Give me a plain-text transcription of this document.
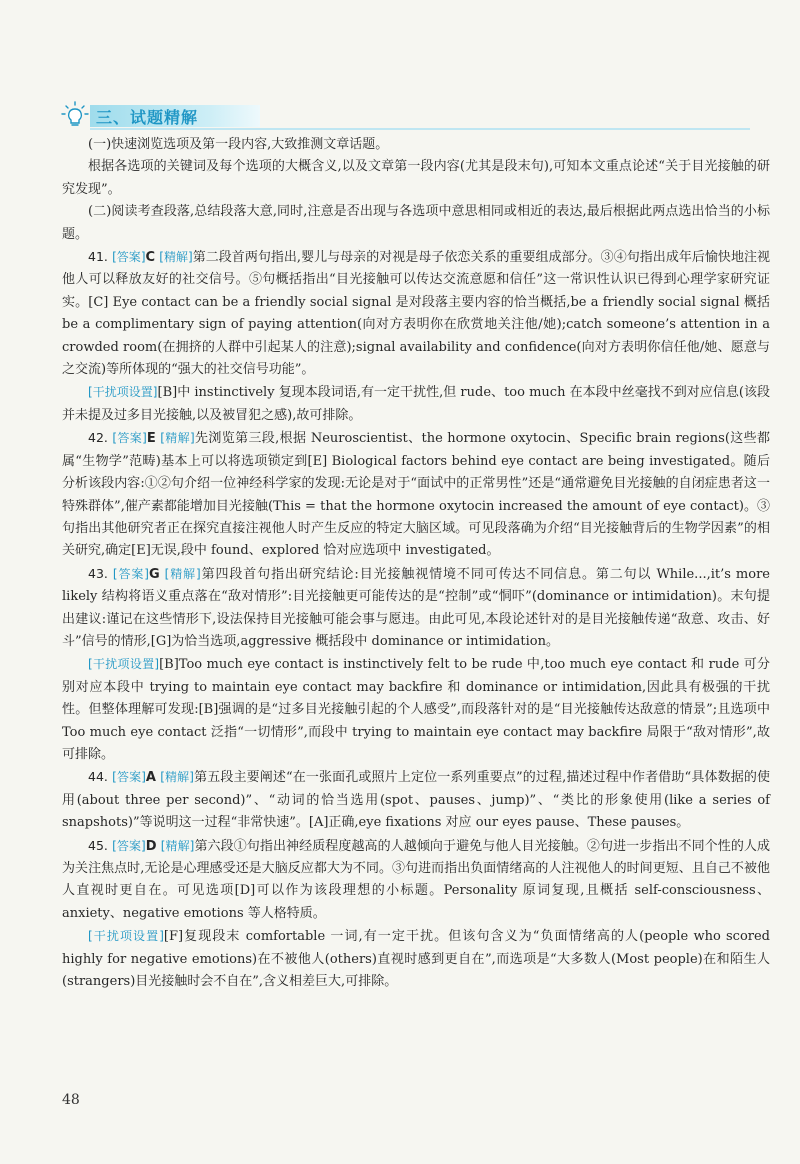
三、试题精解

(一)快速浏览选项及第一段内容,大致推测文章话题。

根据各选项的关键词及每个选项的大概含义,以及文章第一段内容(尤其是段末句),可知本文重点论述“关于目光接触的研究发现”。

(二)阅读考查段落,总结段落大意,同时,注意是否出现与各选项中意思相同或相近的表达,最后根据此两点选出恰当的小标题。

41. [答案]C [精解]第二段首两句指出,婴儿与母亲的对视是母子依恋关系的重要组成部分。③④句指出成年后愉快地注视他人可以释放友好的社交信号。⑤句概括指出“目光接触可以传达交流意愿和信任”这一常识性认识已得到心理学家研究证实。[C] Eye contact can be a friendly social signal 是对段落主要内容的恰当概括,be a friendly social signal 概括 be a complimentary sign of paying attention(向对方表明你在欣赏地关注他/她);catch someone’s attention in a crowded room(在拥挤的人群中引起某人的注意);signal availability and confidence(向对方表明你信任他/她、愿意与之交流)等所体现的“强大的社交信号功能”。

[干扰项设置][B]中 instinctively 复现本段词语,有一定干扰性,但 rude、too much 在本段中丝毫找不到对应信息(该段并未提及过多目光接触,以及被冒犯之感),故可排除。

42. [答案]E [精解]先浏览第三段,根据 Neuroscientist、the hormone oxytocin、Specific brain regions(这些都属“生物学”范畴)基本上可以将选项锁定到[E] Biological factors behind eye contact are being investigated。随后分析该段内容:①②句介绍一位神经科学家的发现:无论是对于“面试中的正常男性”还是“通常避免目光接触的自闭症患者这一特殊群体”,催产素都能增加目光接触(This = that the hormone oxytocin increased the amount of eye contact)。③句指出其他研究者正在探究直接注视他人时产生反应的特定大脑区域。可见段落确为介绍“目光接触背后的生物学因素”的相关研究,确定[E]无误,段中 found、explored 恰对应选项中 investigated。

43. [答案]G [精解]第四段首句指出研究结论:目光接触视情境不同可传达不同信息。第二句以 While...,it’s more likely 结构将语义重点落在“敌对情形”:目光接触更可能传达的是“控制”或“恫吓”(dominance or intimidation)。末句提出建议:谨记在这些情形下,设法保持目光接触可能会事与愿违。由此可见,本段论述针对的是目光接触传递“敌意、攻击、好斗”信号的情形,[G]为恰当选项,aggressive 概括段中 dominance or intimidation。

[干扰项设置][B]Too much eye contact is instinctively felt to be rude 中,too much eye contact 和 rude 可分别对应本段中 trying to maintain eye contact may backfire 和 dominance or intimidation,因此具有极强的干扰性。但整体理解可发现:[B]强调的是“过多目光接触引起的个人感受”,而段落针对的是“目光接触传达敌意的情景”;且选项中 Too much eye contact 泛指“一切情形”,而段中 trying to maintain eye contact may backfire 局限于“敌对情形”,故可排除。

44. [答案]A [精解]第五段主要阐述“在一张面孔或照片上定位一系列重要点”的过程,描述过程中作者借助“具体数据的使用(about three per second)”、“动词的恰当选用(spot、pauses、jump)”、“类比的形象使用(like a series of snapshots)”等说明这一过程“非常快速”。[A]正确,eye fixations 对应 our eyes pause、These pauses。

45. [答案]D [精解]第六段①句指出神经质程度越高的人越倾向于避免与他人目光接触。②句进一步指出不同个性的人成为关注焦点时,无论是心理感受还是大脑反应都大为不同。③句进而指出负面情绪高的人注视他人的时间更短、且自己不被他人直视时更自在。可见选项[D]可以作为该段理想的小标题。Personality 原词复现,且概括 self-consciousness、anxiety、negative emotions 等人格特质。

[干扰项设置][F]复现段末 comfortable 一词,有一定干扰。但该句含义为“负面情绪高的人(people who scored highly for negative emotions)在不被他人(others)直视时感到更自在”,而选项是“大多数人(Most people)在和陌生人(strangers)目光接触时会不自在”,含义相差巨大,可排除。

48
